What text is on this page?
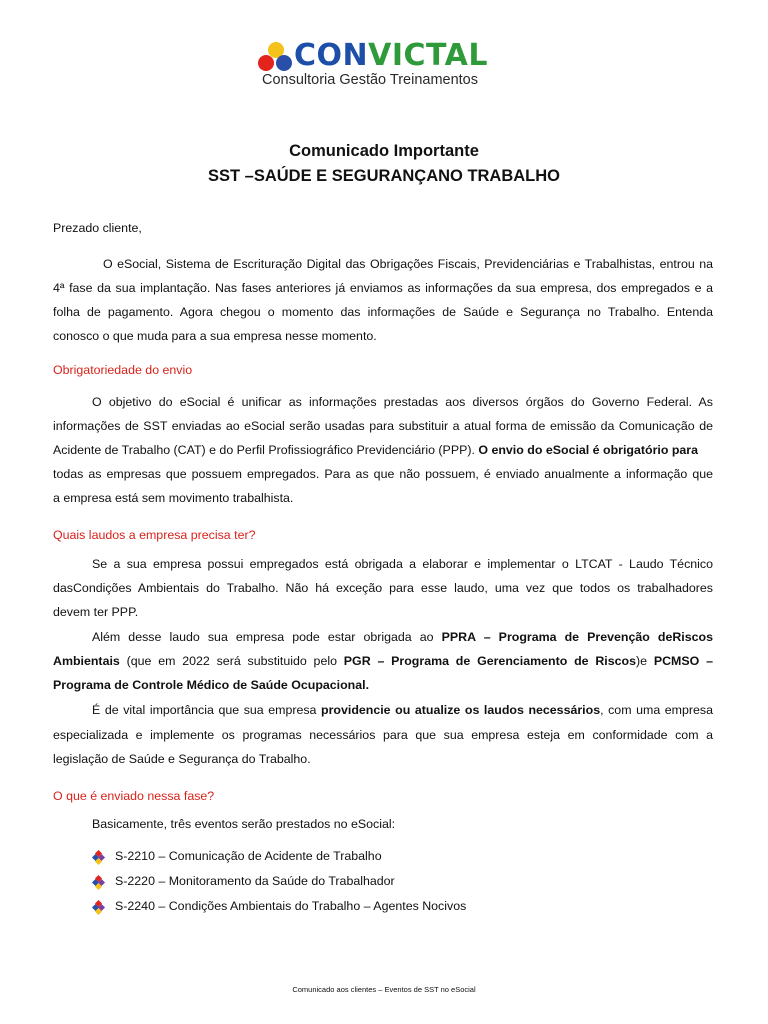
CONVICTAL
Consultoria Gestão Treinamentos
Comunicado Importante
SST –SAÚDE E SEGURANÇANO TRABALHO
Prezado cliente,
O eSocial, Sistema de Escrituração Digital das Obrigações Fiscais, Previdenciárias e Trabalhistas, entrou na
4ª fase da sua implantação. Nas fases anteriores já enviamos as informações da sua empresa, dos empregados e a
folha de pagamento. Agora chegou o momento das informações de Saúde e Segurança no Trabalho. Entenda
conosco o que muda para a sua empresa nesse momento.
Obrigatoriedade do envio
O objetivo do eSocial é unificar as informações prestadas aos diversos órgãos do Governo Federal. As
informações de SST enviadas ao eSocial serão usadas para substituir a atual forma de emissão da Comunicação de
Acidente de Trabalho (CAT) e do Perfil Profissiográfico Previdenciário (PPP). O envio do eSocial é obrigatório para
todas as empresas que possuem empregados. Para as que não possuem, é enviado anualmente a informação que
a empresa está sem movimento trabalhista.
Quais laudos a empresa precisa ter?
Se a sua empresa possui empregados está obrigada a elaborar e implementar o LTCAT - Laudo Técnico
dasCondições Ambientais do Trabalho. Não há exceção para esse laudo, uma vez que todos os trabalhadores
devem ter PPP.
Além desse laudo sua empresa pode estar obrigada ao PPRA – Programa de Prevenção deRiscos
Ambientais (que em 2022 será substituido pelo PGR – Programa de Gerenciamento de Riscos)e PCMSO –
Programa de Controle Médico de Saúde Ocupacional.
É de vital importância que sua empresa providencie ou atualize os laudos necessários, com uma empresa
especializada e implemente os programas necessários para que sua empresa esteja em conformidade com a
legislação de Saúde e Segurança do Trabalho.
O que é enviado nessa fase?
Basicamente, três eventos serão prestados no eSocial:
S-2210 – Comunicação de Acidente de Trabalho
S-2220 – Monitoramento da Saúde do Trabalhador
S-2240 – Condições Ambientais do Trabalho – Agentes Nocivos
Comunicado aos clientes – Eventos de SST no eSocial
